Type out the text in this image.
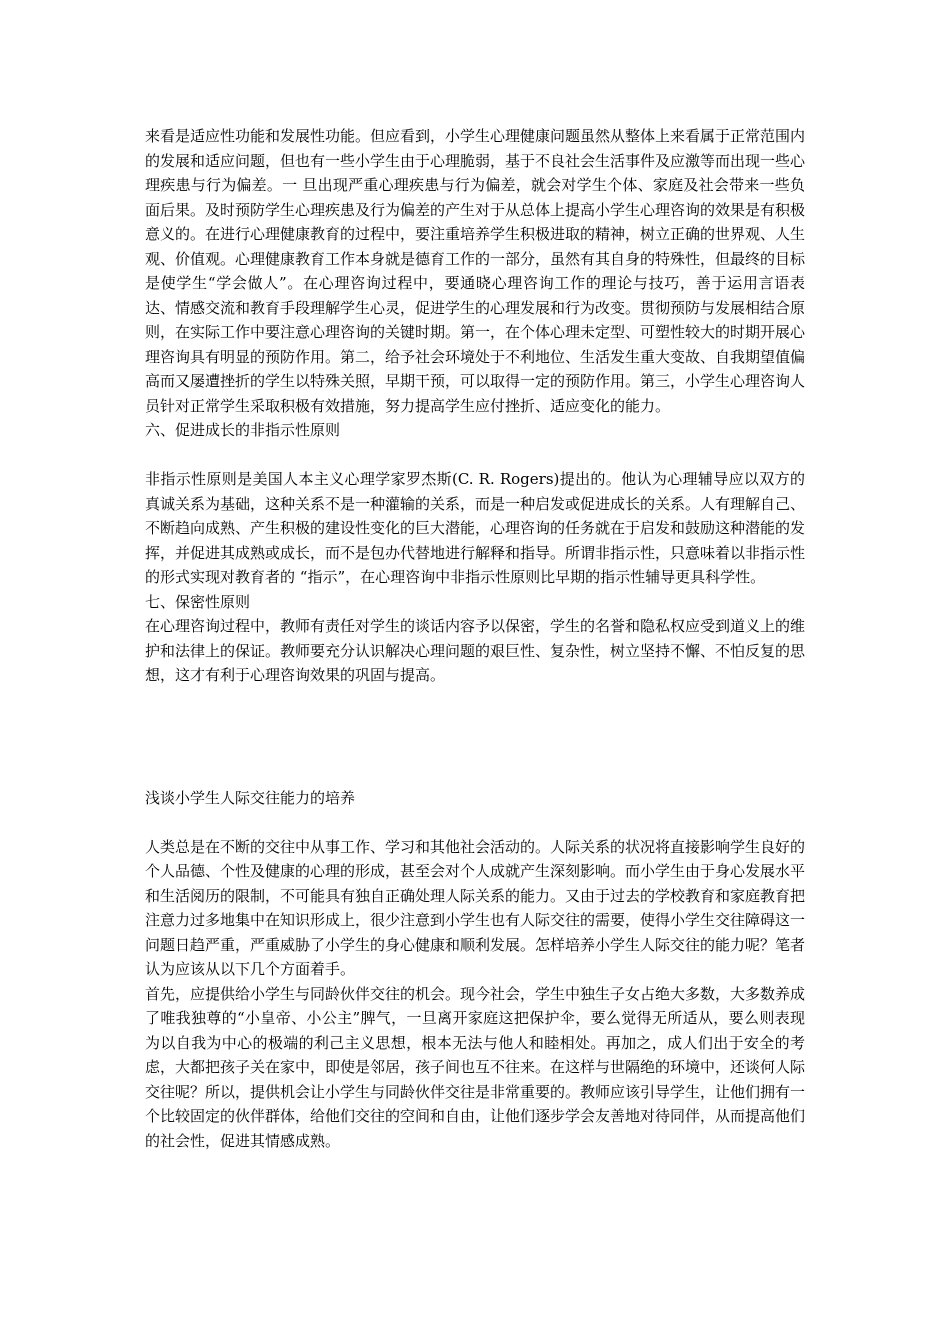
来看是适应性功能和发展性功能。但应看到，小学生心理健康问题虽然从整体上来看属于正常范围内的发展和适应问题，但也有一些小学生由于心理脆弱，基于不良社会生活事件及应激等而出现一些心理疾患与行为偏差。一 旦出现严重心理疾患与行为偏差，就会对学生个体、家庭及社会带来一些负面后果。及时预防学生心理疾患及行为偏差的产生对于从总体上提高小学生心理咨询的效果是有积极意义的。在进行心理健康教育的过程中，要注重培养学生积极进取的精神，树立正确的世界观、人生观、价值观。心理健康教育工作本身就是德育工作的一部分，虽然有其自身的特殊性，但最终的目标是使学生“学会做人”。在心理咨询过程中，要通晓心理咨询工作的理论与技巧，善于运用言语表达、情感交流和教育手段理解学生心灵，促进学生的心理发展和行为改变。贯彻预防与发展相结合原则，在实际工作中要注意心理咨询的关键时期。第一，在个体心理未定型、可塑性较大的时期开展心理咨询具有明显的预防作用。第二，给予社会环境处于不利地位、生活发生重大变故、自我期望值偏高而又屡遭挫折的学生以特殊关照，早期干预，可以取得一定的预防作用。第三，小学生心理咨询人员针对正常学生采取积极有效措施，努力提高学生应付挫折、适应变化的能力。

六、促进成长的非指示性原则

非指示性原则是美国人本主义心理学家罗杰斯(C. R. Rogers)提出的。他认为心理辅导应以双方的真诚关系为基础，这种关系不是一种灌输的关系，而是一种启发或促进成长的关系。人有理解自己、不断趋向成熟、产生积极的建设性变化的巨大潜能，心理咨询的任务就在于启发和鼓励这种潜能的发挥，并促进其成熟或成长，而不是包办代替地进行解释和指导。所谓非指示性，只意味着以非指示性的形式实现对教育者的 “指示”，在心理咨询中非指示性原则比早期的指示性辅导更具科学性。

七、保密性原则

在心理咨询过程中，教师有责任对学生的谈话内容予以保密，学生的名誉和隐私权应受到道义上的维护和法律上的保证。教师要充分认识解决心理问题的艰巨性、复杂性，树立坚持不懈、不怕反复的思想，这才有利于心理咨询效果的巩固与提高。

浅谈小学生人际交往能力的培养

人类总是在不断的交往中从事工作、学习和其他社会活动的。人际关系的状况将直接影响学生良好的个人品德、个性及健康的心理的形成，甚至会对个人成就产生深刻影响。而小学生由于身心发展水平和生活阅历的限制，不可能具有独自正确处理人际关系的能力。又由于过去的学校教育和家庭教育把注意力过多地集中在知识形成上，很少注意到小学生也有人际交往的需要，使得小学生交往障碍这一问题日趋严重，严重威胁了小学生的身心健康和顺利发展。怎样培养小学生人际交往的能力呢？笔者认为应该从以下几个方面着手。

首先，应提供给小学生与同龄伙伴交往的机会。现今社会，学生中独生子女占绝大多数，大多数养成了唯我独尊的“小皇帝、小公主”脾气，一旦离开家庭这把保护伞，要么觉得无所适从，要么则表现为以自我为中心的极端的利己主义思想，根本无法与他人和睦相处。再加之，成人们出于安全的考虑，大都把孩子关在家中，即使是邻居，孩子间也互不往来。在这样与世隔绝的环境中，还谈何人际交往呢？所以，提供机会让小学生与同龄伙伴交往是非常重要的。教师应该引导学生，让他们拥有一个比较固定的伙伴群体，给他们交往的空间和自由，让他们逐步学会友善地对待同伴，从而提高他们的社会性，促进其情感成熟。
